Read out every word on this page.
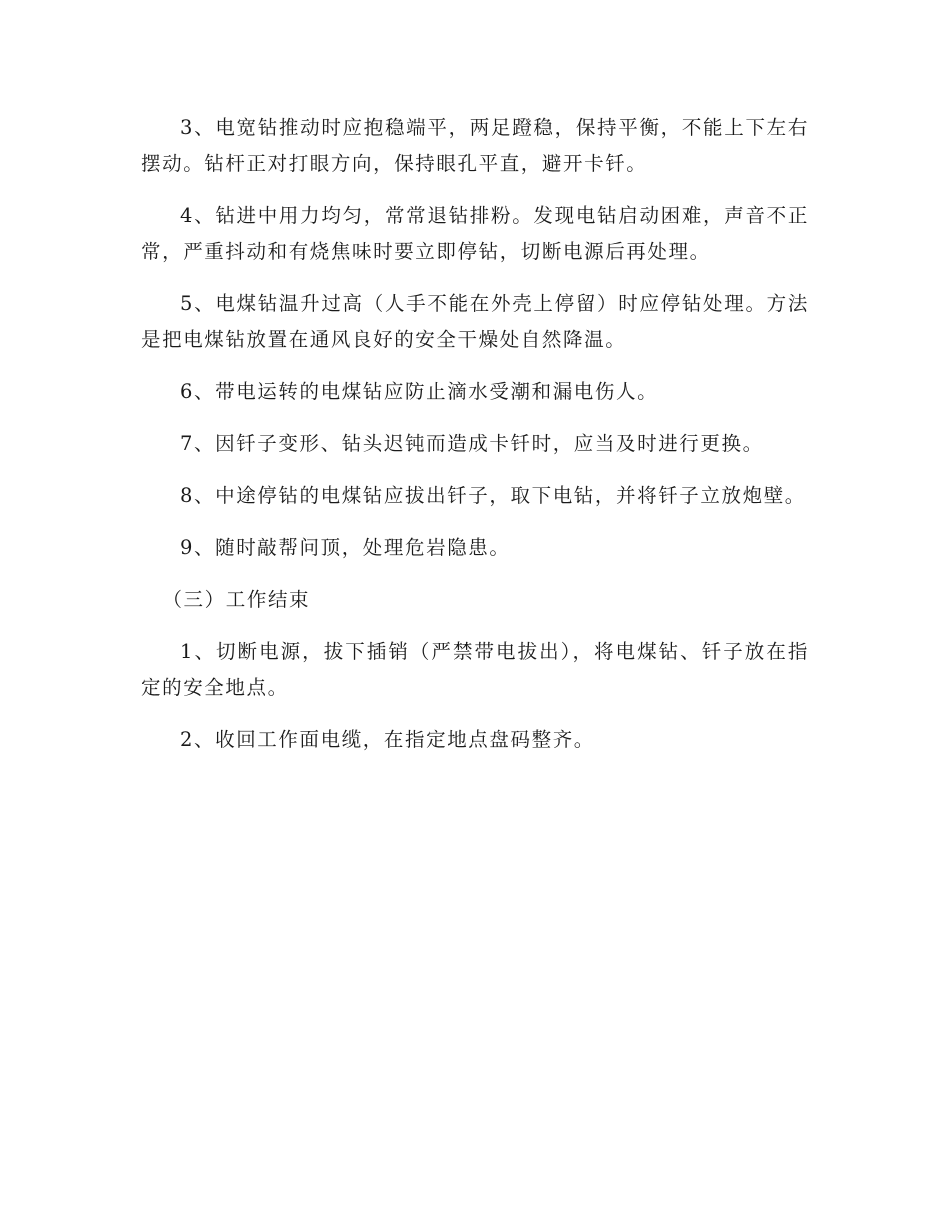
3、电宽钻推动时应抱稳端平，两足蹬稳，保持平衡，不能上下左右摆动。钻杆正对打眼方向，保持眼孔平直，避开卡钎。

4、钻进中用力均匀，常常退钻排粉。发现电钻启动困难，声音不正常，严重抖动和有烧焦味时要立即停钻，切断电源后再处理。

5、电煤钻温升过高（人手不能在外壳上停留）时应停钻处理。方法是把电煤钻放置在通风良好的安全干燥处自然降温。

6、带电运转的电煤钻应防止滴水受潮和漏电伤人。

7、因钎子变形、钻头迟钝而造成卡钎时，应当及时进行更换。

8、中途停钻的电煤钻应拔出钎子，取下电钻，并将钎子立放炮壁。

9、随时敲帮问顶，处理危岩隐患。

（三）工作结束

1、切断电源，拔下插销（严禁带电拔出），将电煤钻、钎子放在指定的安全地点。

2、收回工作面电缆，在指定地点盘码整齐。
